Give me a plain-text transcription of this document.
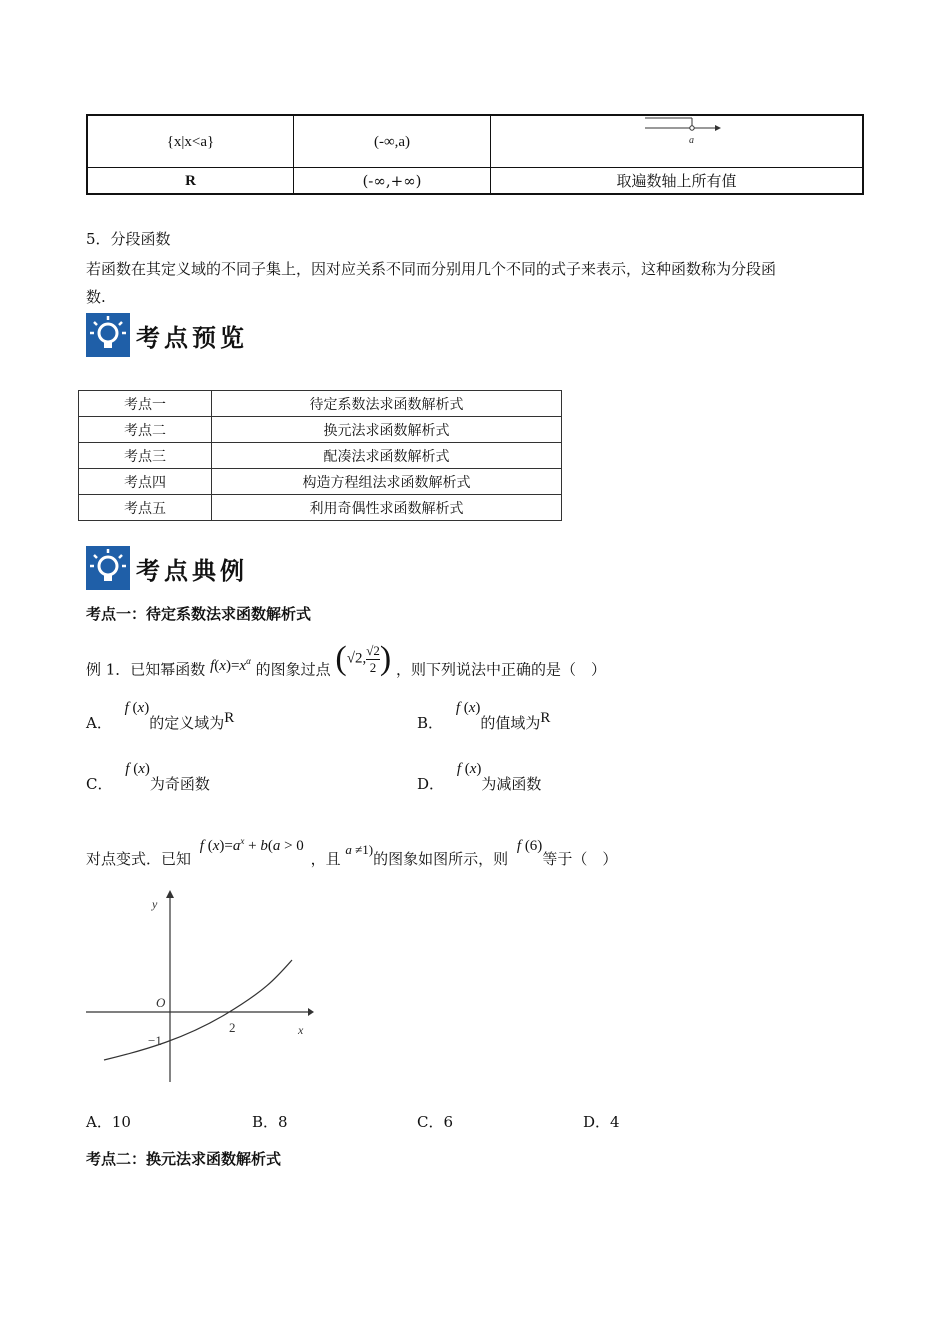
{x|x<a}	(-∞,a)	a

R	(-∞,+∞)	取遍数轴上所有值
5．分段函数
若函数在其定义域的不同子集上，因对应关系不同而分别用几个不同的式子来表示，这种函数称为分段函
数.
考点预览
考点一	待定系数法求函数解析式
考点二	换元法求函数解析式
考点三	配凑法求函数解析式
考点四	构造方程组法求函数解析式
考点五	利用奇偶性求函数解析式
考点典例
考点一：待定系数法求函数解析式
例 1．已知幂函数 $f(x)=x^\alpha$ 的图象过点 (√2, $\frac{√2}{2}$ ) ，则下列说法中正确的是（　）
A． f (x)的定义域为R	B． f (x)的值域为R
C． f (x)为奇函数	D． f (x)为减函数
对点变式．已知 f $(x)=a^x + b(a > 0$ ，且 a ≠1)的图象如图所示，则 f (6)等于（　）
y
x
O
2
−1
A．10	B．8	C．6	D．4
考点二：换元法求函数解析式
